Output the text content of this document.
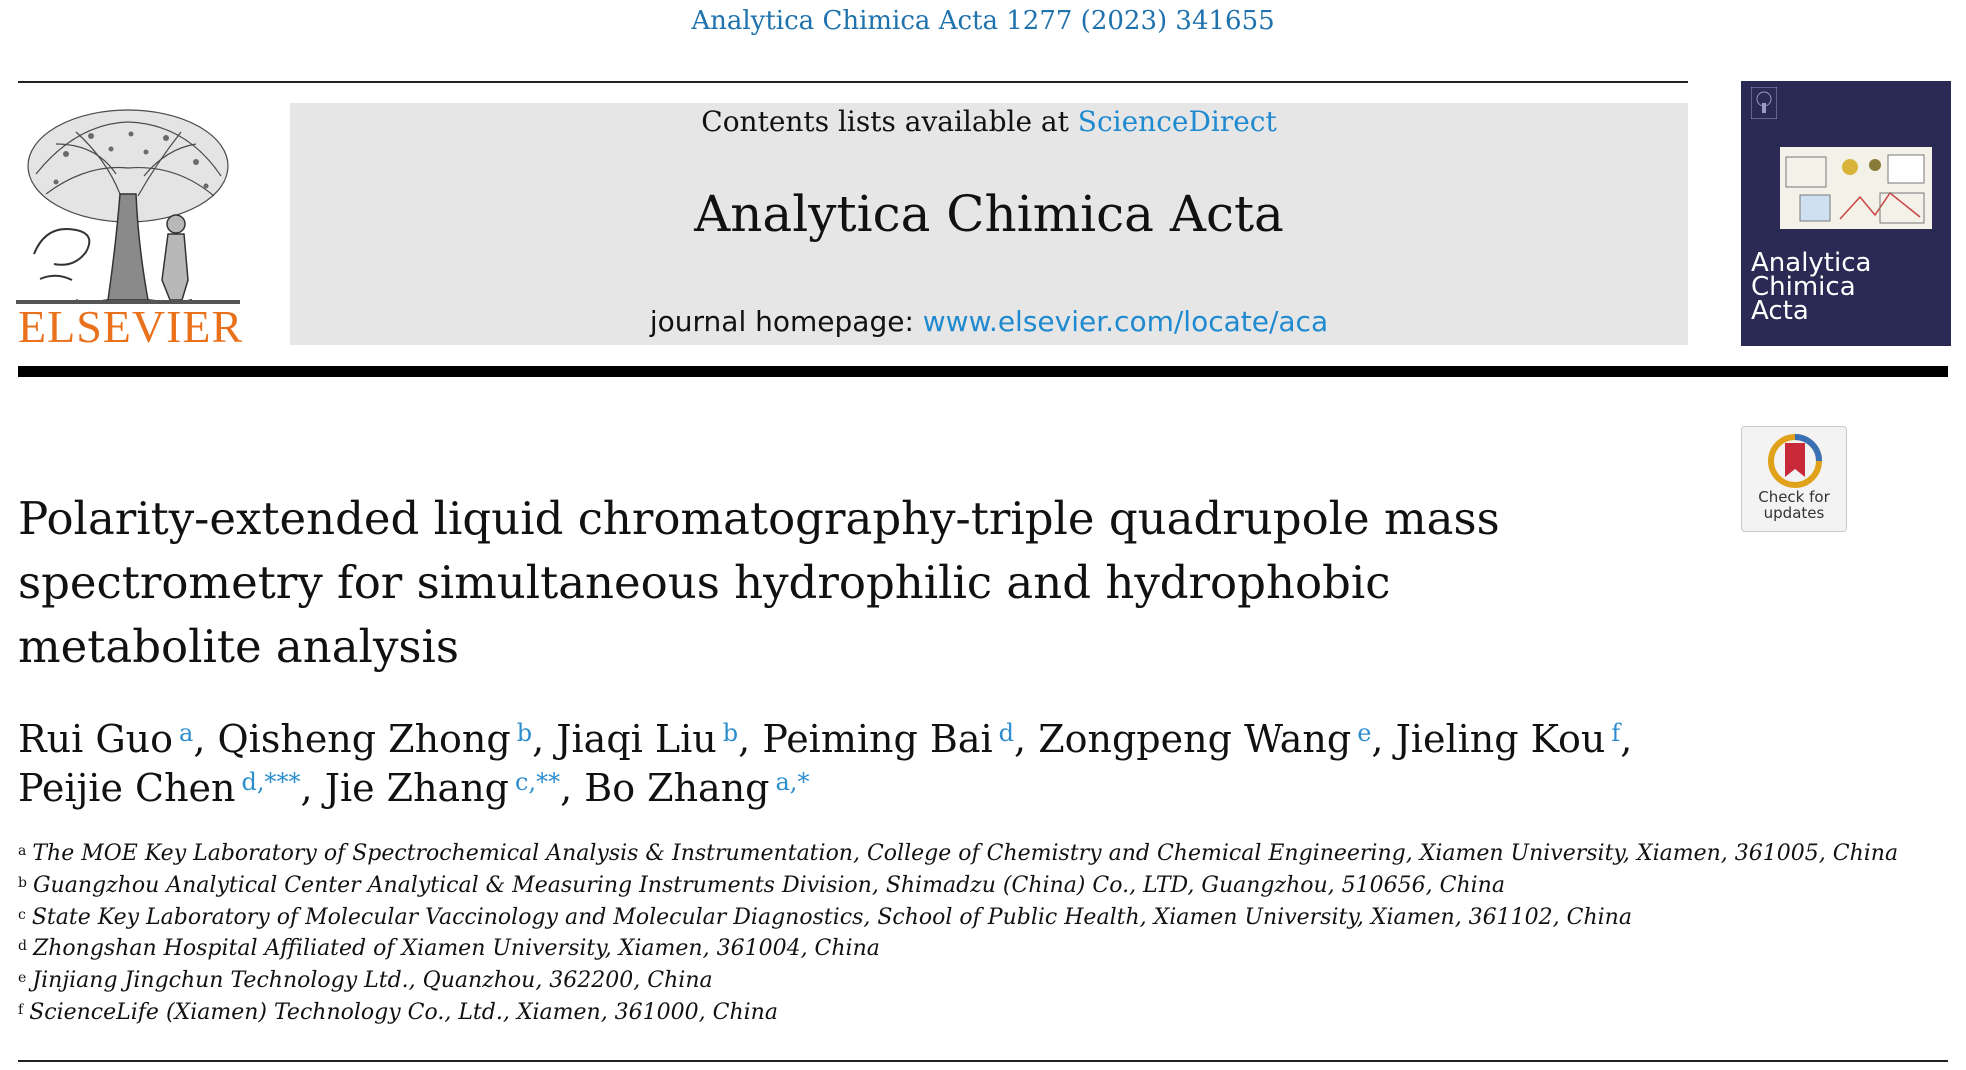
Analytica Chimica Acta 1277 (2023) 341655
ELSEVIER
Contents lists available at ScienceDirect
Analytica Chimica Acta
journal homepage: www.elsevier.com/locate/aca
Analytica
Chimica
Acta
Check for
updates
Polarity-extended liquid chromatography-triple quadrupole mass
spectrometry for simultaneous hydrophilic and hydrophobic
metabolite analysis
Rui Guo $^a$, Qisheng Zhong $^b$, Jiaqi Liu $^b$, Peiming Bai $^d$, Zongpeng Wang $^e$, Jieling Kou $^f$,
Peijie Chen $^{d,***}$, Jie Zhang $^{c,**}$, Bo Zhang $^{a,*}$
$^a$ The MOE Key Laboratory of Spectrochemical Analysis & Instrumentation, College of Chemistry and Chemical Engineering, Xiamen University, Xiamen, 361005, China
$^b$ Guangzhou Analytical Center Analytical & Measuring Instruments Division, Shimadzu (China) Co., LTD, Guangzhou, 510656, China
$^c$ State Key Laboratory of Molecular Vaccinology and Molecular Diagnostics, School of Public Health, Xiamen University, Xiamen, 361102, China
$^d$ Zhongshan Hospital Affiliated of Xiamen University, Xiamen, 361004, China
$^e$ Jinjiang Jingchun Technology Ltd., Quanzhou, 362200, China
$^f$ ScienceLife (Xiamen) Technology Co., Ltd., Xiamen, 361000, China
